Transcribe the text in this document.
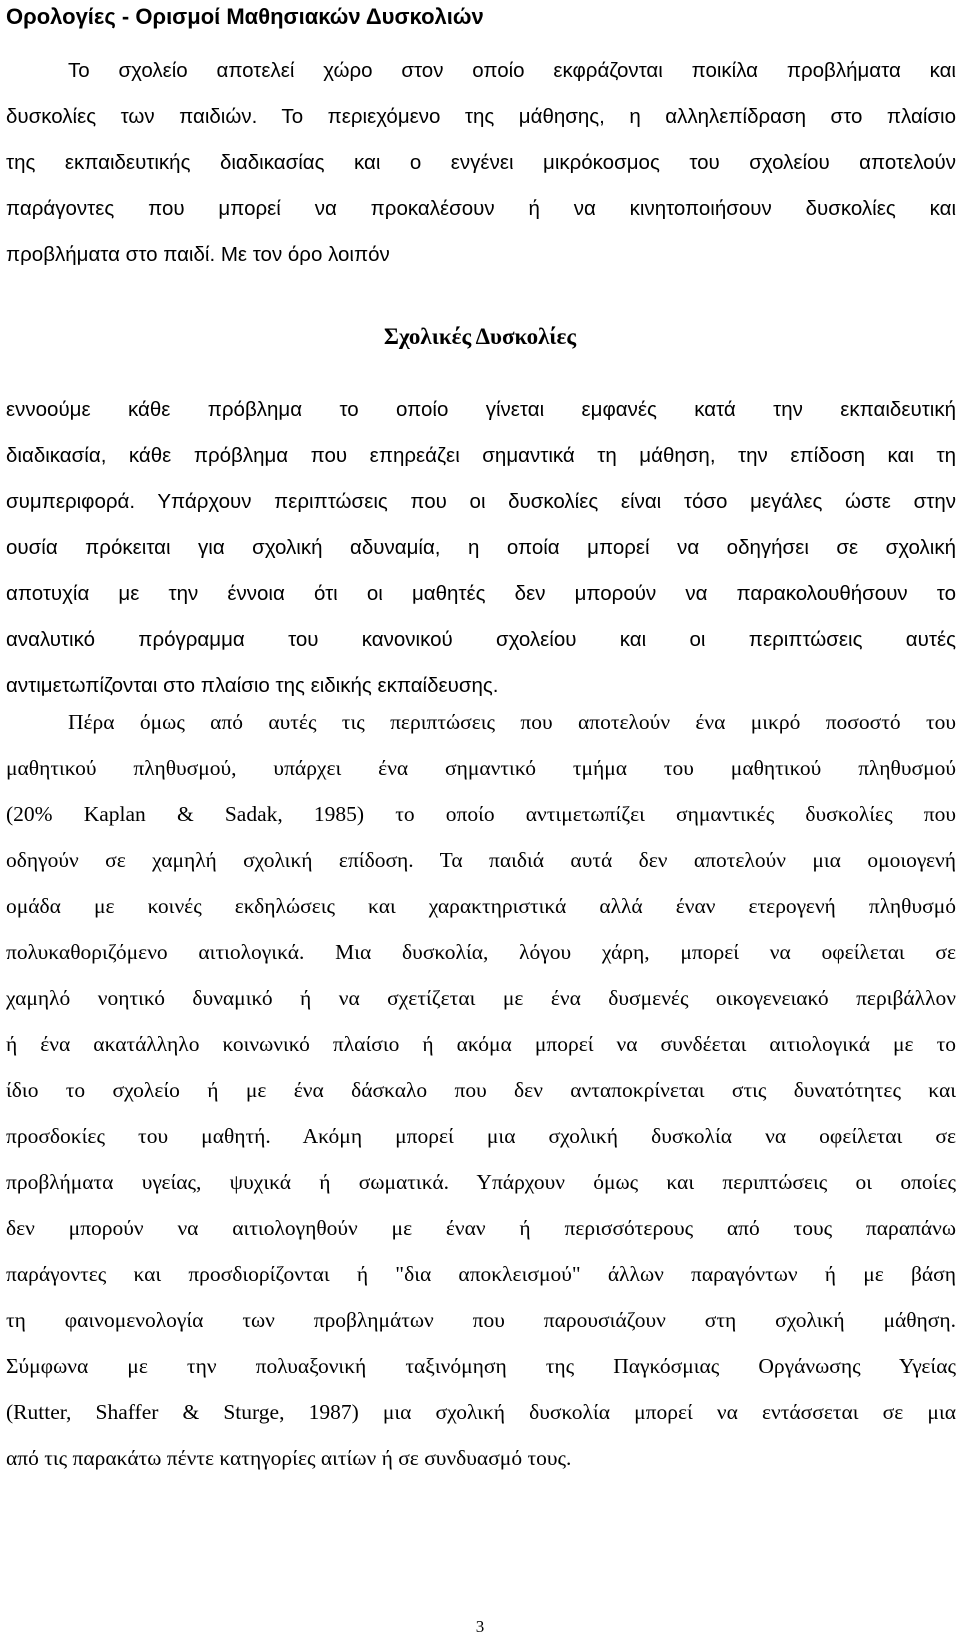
Ορολογίες - Ορισμοί Μαθησιακών Δυσκολιών
Το σχολείο αποτελεί χώρο στον οποίο εκφράζονται ποικίλα προβλήματα και
δυσκολίες των παιδιών. Το περιεχόμενο της μάθησης, η αλληλεπίδραση στο πλαίσιο
της εκπαιδευτικής διαδικασίας και ο ενγένει μικρόκοσμος του σχολείου αποτελούν
παράγοντες που μπορεί να προκαλέσουν ή να κινητοποιήσουν δυσκολίες και
προβλήματα στο παιδί. Με τον όρο λοιπόν
Σχολικές Δυσκολίες
εννοούμε κάθε πρόβλημα το οποίο γίνεται εμφανές κατά την εκπαιδευτική
διαδικασία, κάθε πρόβλημα που επηρεάζει σημαντικά τη μάθηση, την επίδοση και τη
συμπεριφορά. Υπάρχουν περιπτώσεις που οι δυσκολίες είναι τόσο μεγάλες ώστε στην
ουσία πρόκειται για σχολική αδυναμία, η οποία μπορεί να οδηγήσει σε σχολική
αποτυχία με την έννοια ότι οι μαθητές δεν μπορούν να παρακολουθήσουν το
αναλυτικό πρόγραμμα του κανονικού σχολείου και οι περιπτώσεις αυτές
αντιμετωπίζονται στο πλαίσιο της ειδικής εκπαίδευσης.
Πέρα όμως από αυτές τις περιπτώσεις που αποτελούν ένα μικρό ποσοστό του
μαθητικού πληθυσμού, υπάρχει ένα σημαντικό τμήμα του μαθητικού πληθυσμού
(20% Kaplan & Sadak, 1985) το οποίο αντιμετωπίζει σημαντικές δυσκολίες που
οδηγούν σε χαμηλή σχολική επίδοση. Τα παιδιά αυτά δεν αποτελούν μια ομοιογενή
ομάδα με κοινές εκδηλώσεις και χαρακτηριστικά αλλά έναν ετερογενή πληθυσμό
πολυκαθοριζόμενο αιτιολογικά. Μια δυσκολία, λόγου χάρη, μπορεί να οφείλεται σε
χαμηλό νοητικό δυναμικό ή να σχετίζεται με ένα δυσμενές οικογενειακό περιβάλλον
ή ένα ακατάλληλο κοινωνικό πλαίσιο ή ακόμα μπορεί να συνδέεται αιτιολογικά με το
ίδιο το σχολείο ή με ένα δάσκαλο που δεν ανταποκρίνεται στις δυνατότητες και
προσδοκίες του μαθητή. Ακόμη μπορεί μια σχολική δυσκολία να οφείλεται σε
προβλήματα υγείας, ψυχικά ή σωματικά. Υπάρχουν όμως και περιπτώσεις οι οποίες
δεν μπορούν να αιτιολογηθούν με έναν ή περισσότερους από τους παραπάνω
παράγοντες και προσδιορίζονται ή "δια αποκλεισμού" άλλων παραγόντων ή με βάση
τη φαινομενολογία των προβλημάτων που παρουσιάζουν στη σχολική μάθηση.
Σύμφωνα με την πολυαξονική ταξινόμηση της Παγκόσμιας Οργάνωσης Υγείας
(Rutter, Shaffer & Sturge, 1987) μια σχολική δυσκολία μπορεί να εντάσσεται σε μια
από τις παρακάτω πέντε κατηγορίες αιτίων ή σε συνδυασμό τους.
3
